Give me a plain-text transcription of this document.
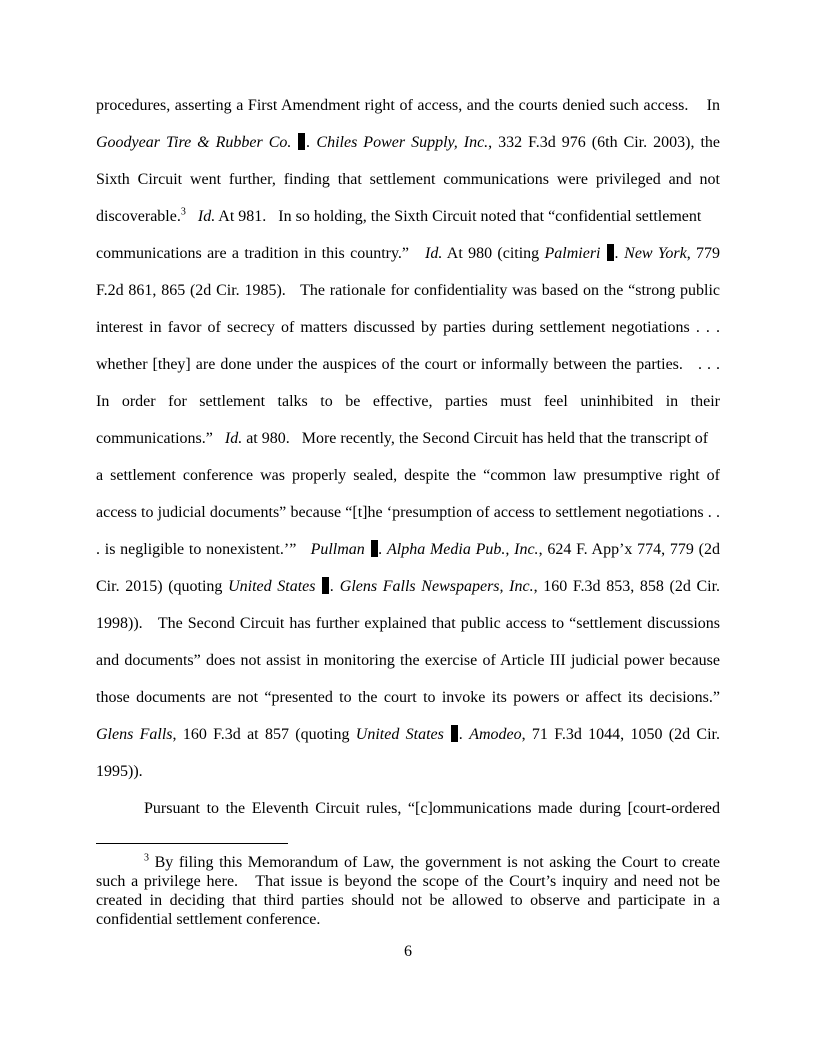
procedures, asserting a First Amendment right of access, and the courts denied such access.    In
Goodyear Tire & Rubber Co. . Chiles Power Supply, Inc., 332 F.3d 976 (6th Cir. 2003), the
Sixth Circuit went further, finding that settlement communications were privileged and not
discoverable.$^3$   Id. At 981.   In so holding, the Sixth Circuit noted that “confidential settlement
communications are a tradition in this country.”   Id. At 980 (citing Palmieri . New York, 779
F.2d 861, 865 (2d Cir. 1985).   The rationale for confidentiality was based on the “strong public
interest in favor of secrecy of matters discussed by parties during settlement negotiations . . .
whether [they] are done under the auspices of the court or informally between the parties.   . . .
In order for settlement talks to be effective, parties must feel uninhibited in their
communications.”   Id. at 980.   More recently, the Second Circuit has held that the transcript of
a settlement conference was properly sealed, despite the “common law presumptive right of
access to judicial documents” because “[t]he ‘presumption of access to settlement negotiations . .
. is negligible to nonexistent.’”   Pullman . Alpha Media Pub., Inc., 624 F. App’x 774, 779 (2d
Cir. 2015) (quoting United States . Glens Falls Newspapers, Inc., 160 F.3d 853, 858 (2d Cir.
1998)).   The Second Circuit has further explained that public access to “settlement discussions
and documents” does not assist in monitoring the exercise of Article III judicial power because
those documents are not “presented to the court to invoke its powers or affect its decisions.”
Glens Falls, 160 F.3d at 857 (quoting United States . Amodeo, 71 F.3d 1044, 1050 (2d Cir.
1995)).
Pursuant to the Eleventh Circuit rules, “[c]ommunications made during [court-ordered
$^3$ By filing this Memorandum of Law, the government is not asking the Court to create
such a privilege here.   That issue is beyond the scope of the Court’s inquiry and need not be
created in deciding that third parties should not be allowed to observe and participate in a
confidential settlement conference.
6
